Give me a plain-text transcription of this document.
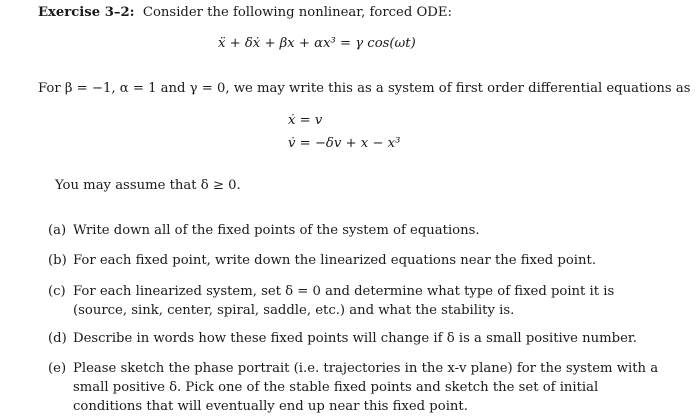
Exercise 3–2: Consider the following nonlinear, forced ODE:
ẍ + δẋ + βx + αx³ = γ cos(ωt)
For β = −1, α = 1 and γ = 0, we may write this as a system of first order differential equations as
ẋ = v
v̇ = −δv + x − x³
You may assume that δ ≥ 0.
(a) Write down all of the fixed points of the system of equations.
(b) For each fixed point, write down the linearized equations near the fixed point.
(c) For each linearized system, set δ = 0 and determine what type of fixed point it is (source, sink, center, spiral, saddle, etc.) and what the stability is.
(d) Describe in words how these fixed points will change if δ is a small positive number.
(e) Please sketch the phase portrait (i.e. trajectories in the x-v plane) for the system with a small positive δ. Pick one of the stable fixed points and sketch the set of initial conditions that will eventually end up near this fixed point.
